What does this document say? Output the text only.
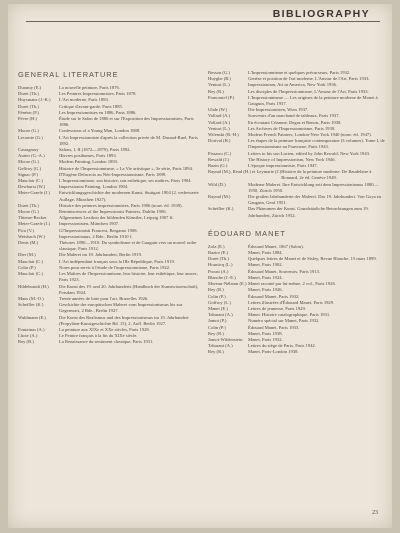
BIBLIOGRAPHY
GENERAL LITERATURE
Duranty (E.)	La nouvelle peinture, Paris 1876.
Duret (Th.)	Les Peintres Impressionnistes, Paris 1878.
Huysmans (J.-K.)	L'Art moderne, Paris 1883.
Duret (Th.)	Critique d'avant-garde, Paris 1885.
Fénéon (F.)	Les Impressionnistes en 1886, Paris 1886.
Févre (H.)	Étude sur le Salon de 1886 et sur l'Exposition des Impressionnistes, Paris 1886.
Moore (G.)	Confessions of a Young Man, London 1888.
Lecomte (G.)	L'Art Impressionniste d'après la collection privée de M. Durand-Ruel, Paris 1892.
Castagnary	Salons, I, II (1872—1879), Paris 1892.
Aurier (G.-A.)	Œuvres posthumes, Paris 1893.
Moore (G.)	Modern Painting, London 1893.
Geffroy (G.)	Histoire de l'Impressionnisme, « La Vie artistique », 3e série, Paris 1894.
Signac (P.)	D'Eugène Delacroix au Néo-Impressionnisme, Paris 1899.
Mauclair (C.)	L'Impressionnisme, son histoire, son esthétique, ses maîtres, Paris 1904.
Dewhurst (W.)	Impressionist Painting, London 1904.
Meier-Graefe (J.)	Entwicklungsgeschichte der modernen Kunst, Stuttgart 1904 (2. verbesserte Auflage, München 1927).
Duret (Th.)	Histoire des peintres impressionnistes, Paris 1906 (nouv. éd. 1939).
Moore (G.)	Reminiscences of the Impressionist Painters, Dublin 1906.
Thieme-Becker	Allgemeines Lexikon der bildenden Künstler, Leipzig 1907 ff.
Meier-Graefe (J.)	Impressionisten, München 1907.
Pica (V.)	Gl'Impressionisti Francesi, Bergamo 1908.
Weisbach (W.)	Impressionismus, 2 Bde., Berlin 1910 f.
Denis (M.)	Théories 1890—1910. Du symbolisme et de Gauguin vers un nouvel ordre classique, Paris 1912.
Dier (M.)	Die Malerei im 19. Jahrhundert, Berlin 1919.
Mauclair (C.)	L'Art indépendant français sous la IIIe République, Paris 1919.
Coltu (P.)	Notes pour servir à l'étude de l'impressionnisme, Paris 1922.
Mauclair (C.)	Les Maîtres de l'Impressionnisme, leur histoire, leur esthétique, leur œuvre, Paris 1923.
Hildebrandt (H.)	Die Kunst des 19. und 20. Jahrhunderts (Handbuch der Kunstwissenschaft), Potsdam 1924.
Maus (M.-O.)	Trente années de lutte pour l'art, Bruxelles 1926.
Scheffler (K.)	Geschichte der europäischen Malerei vom Impressionismus bis zur Gegenwart, 2 Bde., Berlin 1927.
Waldmann (E.)	Die Kunst des Realismus und des Impressionismus im 19. Jahrhundert (Propyläen-Kunstgeschichte Bd. 15), 2. Aufl. Berlin 1927.
Fontainas (A.)	La peinture aux XIXe et XXe siècles, Paris 1928.
Lhote (A.)	Le Peintre français à la fin du XIXe siècle.
Rey (R.)	La Renaissance du sentiment classique, Paris 1931.
Besson (G.)	L'Impressionnisme et quelques précurseurs, Paris 1932.
Huyghe (R.)	Genèse et position de l'art moderne, L'Amour de l'Art, Paris 1933.
Venturi (L.)	Impressionism, Art in America, New York 1936.
Rey (R.)	Les disciples de l'Impressionnisme, L'Amour de l'Art, Paris 1933.
Francastel (P.)	L'Impressionnisme — Les origines de la peinture moderne de Monet à Gauguin, Paris 1937.
Uhde (W.)	Die Impressionisten, Wien 1937.
Vollard (A.)	Souvenirs d'un marchand de tableaux, Paris 1937.
Vollard (A.)	En écoutant Cézanne, Degas et Renoir, Paris 1938.
Venturi (L.)	Les Archives de l'Impressionnisme, Paris 1939.
Wilenski (R.-H.)	Modern French Painters, London-New York 1940 (nouv. éd. 1947).
Dorival (B.)	Les étapes de la peinture française contemporaine (3 volumes). Tome I, de l'Impressionnisme au Fauvisme, Paris 1943.
Pissarro (C.)	Letters to his son Lucien, edited by John Rewald, New York 1943.
Rewald (J.)	The History of Impressionism, New York 1946.
Bazin (G.)	L'époque impressionniste, Paris 1947.
Raynal (M.), Read (H.) et Leymarie (J.) Histoire de la peinture moderne: De Baudelaire à Bonnard, 2e éd. Genève 1949.
Wild (D.)	Moderne Malerei. Ihre Entwicklung seit dem Impressionismus 1880—1950, Zürich 1950.
Raynal (M.)	Die großen Jahrhunderte der Malerei. Das 19. Jahrhundert. Von Goya zu Gauguin, Genf 1951.
Scheffler (K.)	Das Phänomen der Kunst. Grundsätzliche Betrachtungen zum 19. Jahrhundert, Zürich 1952.
ÉDOUARD MANET
Zola (E.)	Édouard Manet, 1867 (Salon).
Bazire (E.)	Manet, Paris 1884.
Duret (Th.)	Quelques lettres de Manet et de Sisley, Revue Blanche, 15 mars 1899.
Hourticq (L.)	Manet, Paris 1902.
Proust (A.)	Édouard Manet, Souvenirs, Paris 1913.
Blanche (J.-E.)	Manet, Paris 1924.
Moreau-Nélaton (E.) Manet raconté par lui-même, 2 vol., Paris 1926.
Rey (R.)	Manet, Paris 1926.
Colin (P.)	Édouard Manet, Paris 1932.
Goffroy (L.)	Lettres illustrées d'Édouard Manet, Paris 1929.
Manet (E.)	Lettres de jeunesse, Paris 1929.
Tabarant (A.)	Manet. Histoire catalographique, Paris 1931.
Jamot (P.)	Numéro spécial sur Manet, Paris 1932.
Colin (P.)	Édouard Manet, Paris 1933.
Rey (R.)	Manet, Paris 1938.
Jamot-Wildenstein	Manet, Paris 1932.
Tabarant (A.)	Lettres du siège de Paris, Paris 1942.
Rey (R.)	Manet, Paris-London 1938.
23
